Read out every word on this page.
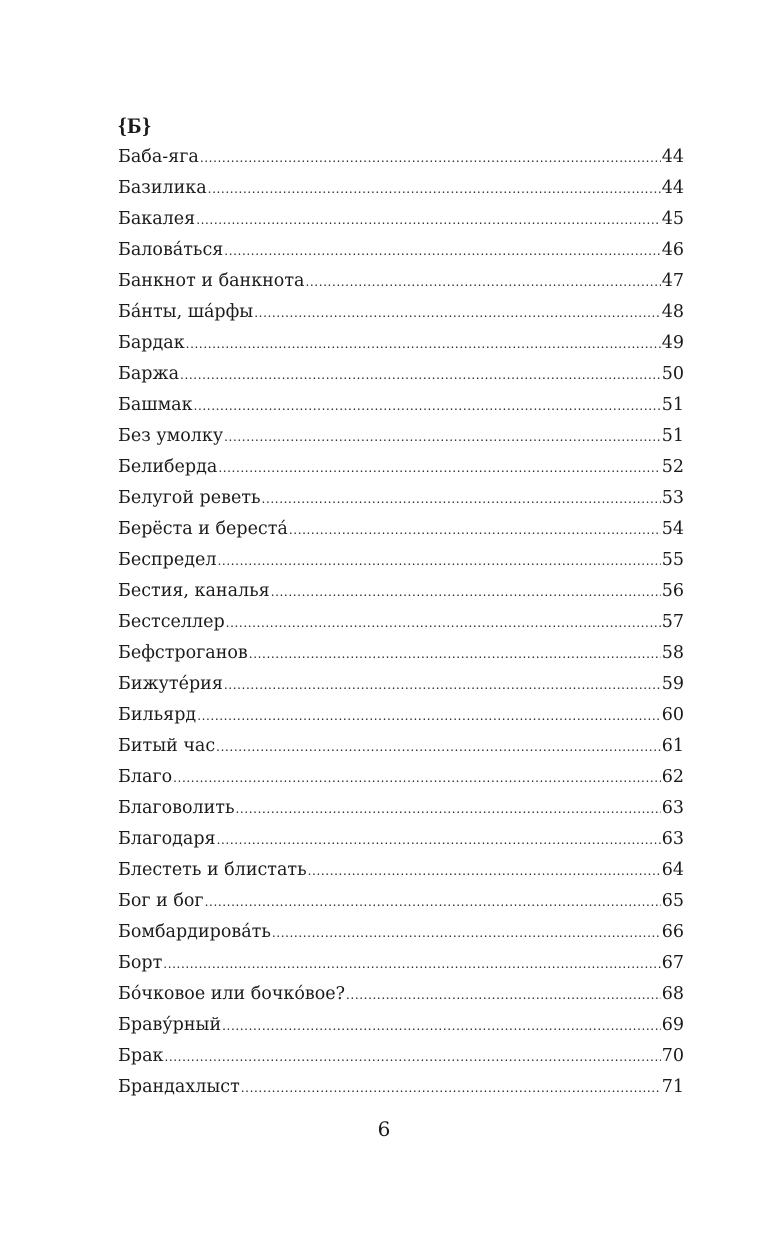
{Б}
Баба-яга .....	44
Базилика .....	44
Бакалея .....	45
Балова́ться .....	46
Банкнот и банкнота .....	47
Ба́нты, ша́рфы .....	48
Бардак .....	49
Баржа .....	50
Башмак .....	51
Без умолку .....	51
Белиберда .....	52
Белугой реветь .....	53
Берёста и береста́ .....	54
Беспредел .....	55
Бестия, каналья .....	56
Бестселлер .....	57
Бефстроганов .....	58
Бижуте́рия .....	59
Бильярд .....	60
Битый час .....	61
Благо .....	62
Благоволить .....	63
Благодаря .....	63
Блестеть и блистать .....	64
Бог и бог .....	65
Бомбардирова́ть .....	66
Борт .....	67
Бо́чковое или бочко́вое? .....	68
Браву́рный .....	69
Брак .....	70
Брандахлыст .....	71
6
